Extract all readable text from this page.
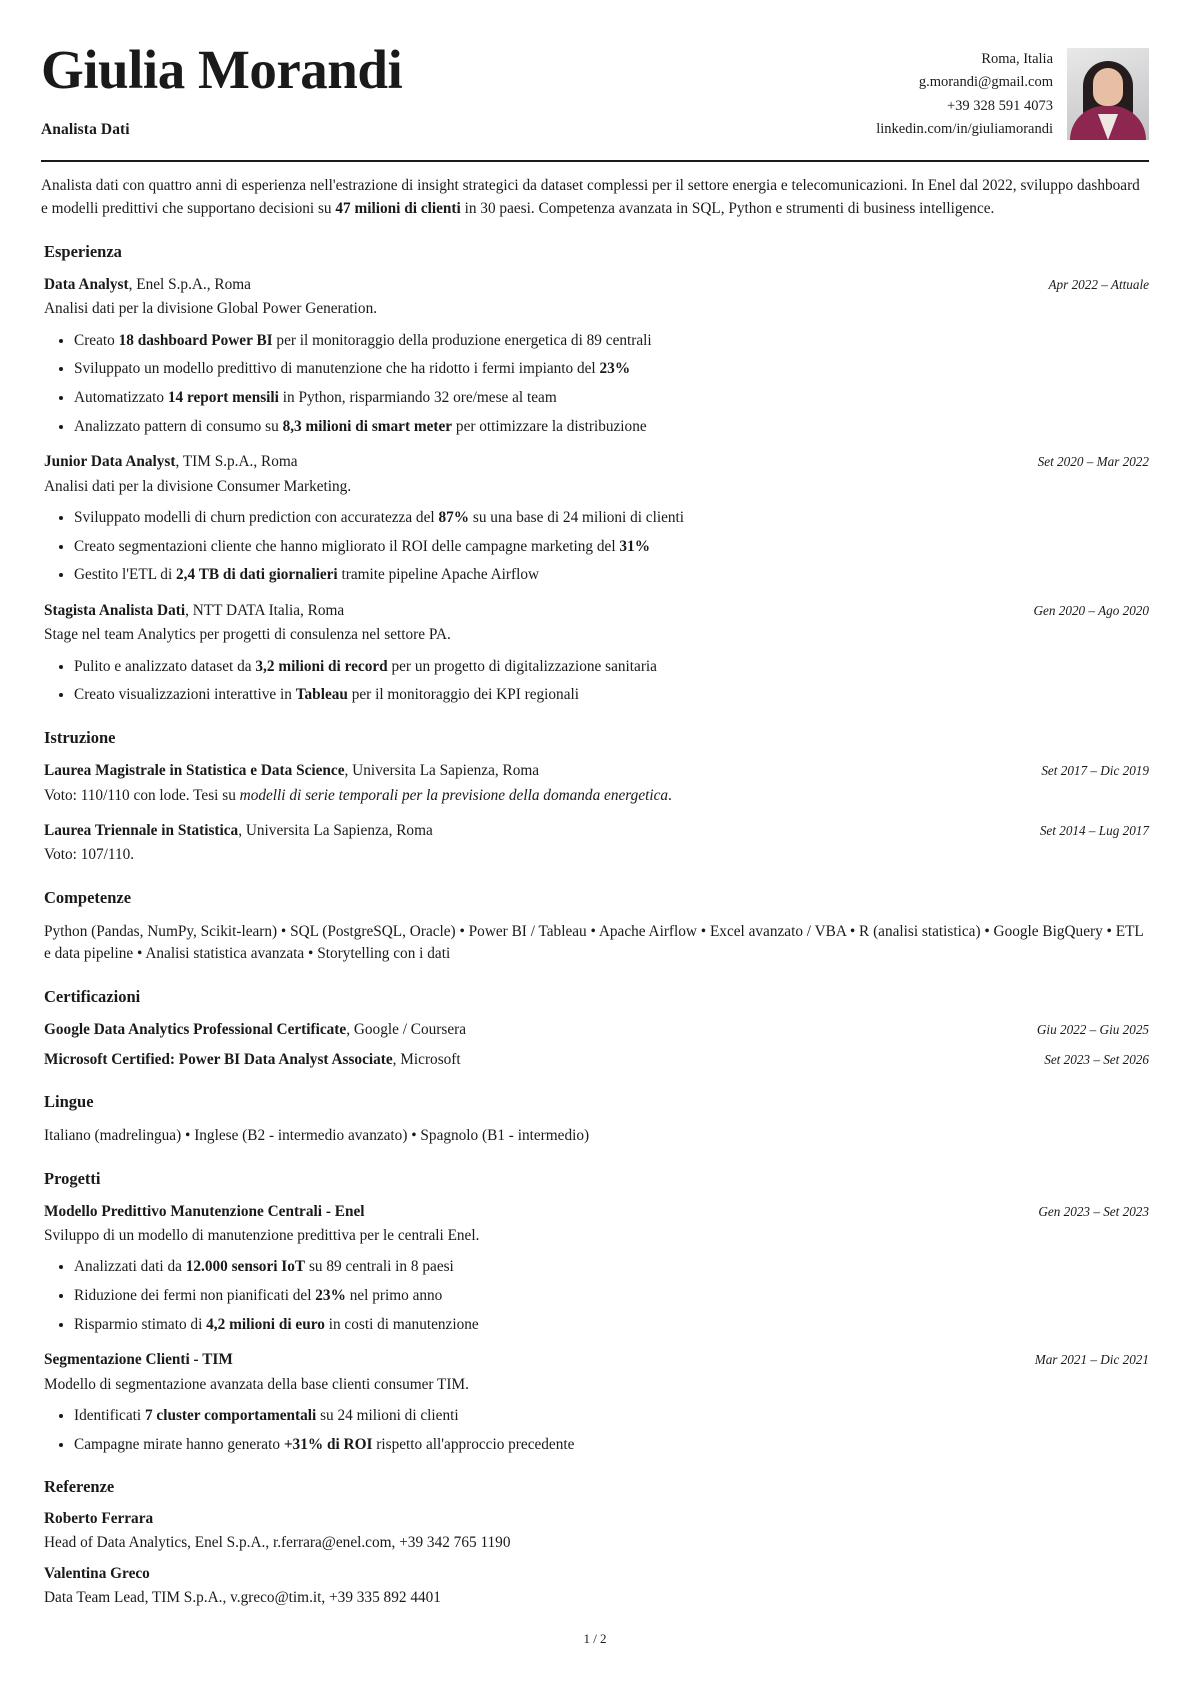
Giulia Morandi
Analista Dati
Roma, Italia
g.morandi@gmail.com
+39 328 591 4073
linkedin.com/in/giuliamorandi
Analista dati con quattro anni di esperienza nell'estrazione di insight strategici da dataset complessi per il settore energia e telecomunicazioni. In Enel dal 2022, sviluppo dashboard e modelli predittivi che supportano decisioni su 47 milioni di clienti in 30 paesi. Competenza avanzata in SQL, Python e strumenti di business intelligence.
Esperienza
Data Analyst, Enel S.p.A., Roma	Apr 2022 – Attuale
Analisi dati per la divisione Global Power Generation.
• Creato 18 dashboard Power BI per il monitoraggio della produzione energetica di 89 centrali
• Sviluppato un modello predittivo di manutenzione che ha ridotto i fermi impianto del 23%
• Automatizzato 14 report mensili in Python, risparmiando 32 ore/mese al team
• Analizzato pattern di consumo su 8,3 milioni di smart meter per ottimizzare la distribuzione
Junior Data Analyst, TIM S.p.A., Roma	Set 2020 – Mar 2022
Analisi dati per la divisione Consumer Marketing.
• Sviluppato modelli di churn prediction con accuratezza del 87% su una base di 24 milioni di clienti
• Creato segmentazioni cliente che hanno migliorato il ROI delle campagne marketing del 31%
• Gestito l'ETL di 2,4 TB di dati giornalieri tramite pipeline Apache Airflow
Stagista Analista Dati, NTT DATA Italia, Roma	Gen 2020 – Ago 2020
Stage nel team Analytics per progetti di consulenza nel settore PA.
• Pulito e analizzato dataset da 3,2 milioni di record per un progetto di digitalizzazione sanitaria
• Creato visualizzazioni interattive in Tableau per il monitoraggio dei KPI regionali
Istruzione
Laurea Magistrale in Statistica e Data Science, Universita La Sapienza, Roma	Set 2017 – Dic 2019
Voto: 110/110 con lode. Tesi su modelli di serie temporali per la previsione della domanda energetica.
Laurea Triennale in Statistica, Universita La Sapienza, Roma	Set 2014 – Lug 2017
Voto: 107/110.
Competenze
Python (Pandas, NumPy, Scikit-learn) • SQL (PostgreSQL, Oracle) • Power BI / Tableau • Apache Airflow • Excel avanzato / VBA • R (analisi statistica) • Google BigQuery • ETL e data pipeline • Analisi statistica avanzata • Storytelling con i dati
Certificazioni
Google Data Analytics Professional Certificate, Google / Coursera	Giu 2022 – Giu 2025
Microsoft Certified: Power BI Data Analyst Associate, Microsoft	Set 2023 – Set 2026
Lingue
Italiano (madrelingua) • Inglese (B2 - intermedio avanzato) • Spagnolo (B1 - intermedio)
Progetti
Modello Predittivo Manutenzione Centrali - Enel	Gen 2023 – Set 2023
Sviluppo di un modello di manutenzione predittiva per le centrali Enel.
• Analizzati dati da 12.000 sensori IoT su 89 centrali in 8 paesi
• Riduzione dei fermi non pianificati del 23% nel primo anno
• Risparmio stimato di 4,2 milioni di euro in costi di manutenzione
Segmentazione Clienti - TIM	Mar 2021 – Dic 2021
Modello di segmentazione avanzata della base clienti consumer TIM.
• Identificati 7 cluster comportamentali su 24 milioni di clienti
• Campagne mirate hanno generato +31% di ROI rispetto all'approccio precedente
Referenze
Roberto Ferrara
Head of Data Analytics, Enel S.p.A., r.ferrara@enel.com, +39 342 765 1190
Valentina Greco
Data Team Lead, TIM S.p.A., v.greco@tim.it, +39 335 892 4401
1 / 2
